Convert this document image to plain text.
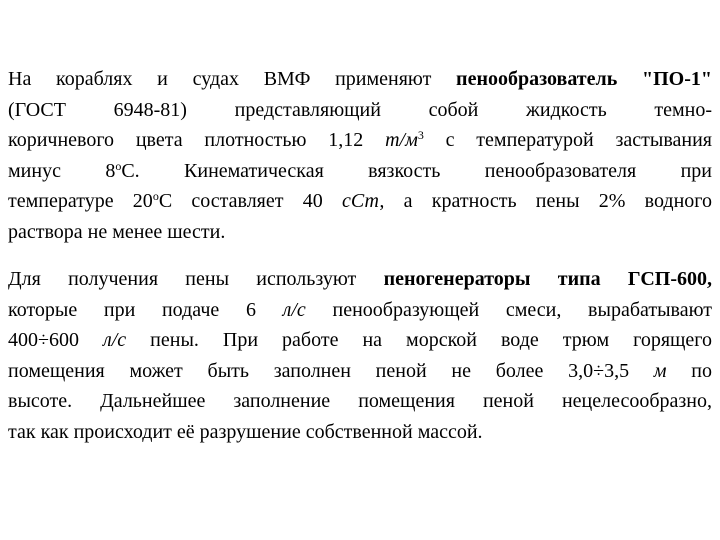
На кораблях и судах ВМФ применяют пенообразователь "ПО-1"
(ГОСТ 6948-81) представляющий собой жидкость темно-
коричневого цвета плотностью 1,12 $т/м^3$ с температурой застывания
минус $8^оС$. Кинематическая вязкость пенообразователя при
температуре $20^оС$ составляет 40 сСт, а кратность пены 2% водного
раствора не менее шести.

Для получения пены используют пеногенераторы типа ГСП-600,
которые при подаче 6 л/с пенообразующей смеси, вырабатывают
400÷600 л/с пены. При работе на морской воде трюм горящего
помещения может быть заполнен пеной не более 3,0÷3,5 м по
высоте. Дальнейшее заполнение помещения пеной нецелесообразно,
так как происходит её разрушение собственной массой.
